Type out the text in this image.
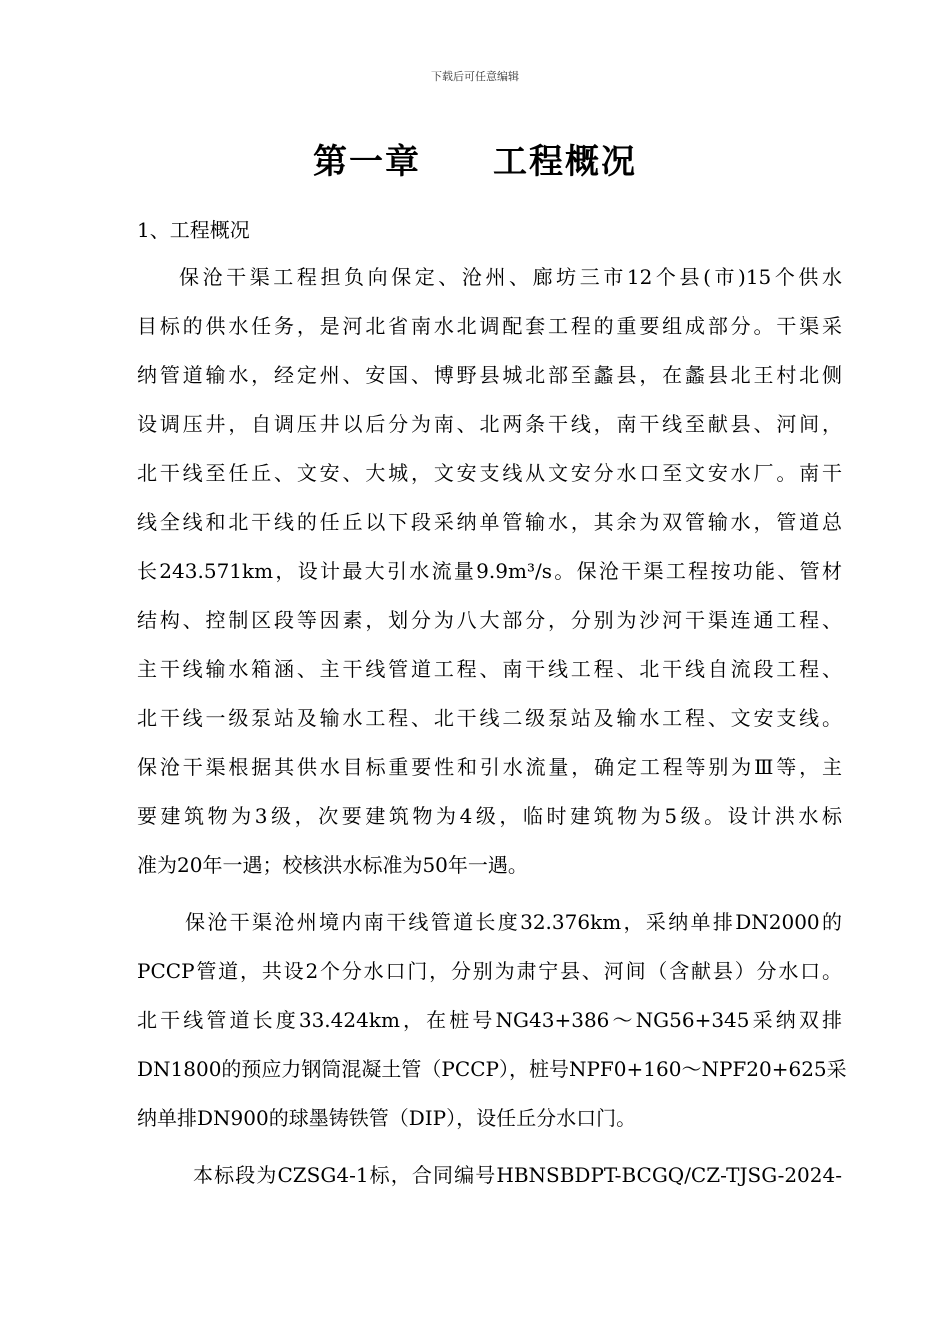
下载后可任意编辑
第一章　　工程概况
1、工程概况
保沧干渠工程担负向保定、沧州、廊坊三市12个县(市)15个供水
目标的供水任务，是河北省南水北调配套工程的重要组成部分。干渠采
纳管道输水，经定州、安国、博野县城北部至蠡县，在蠡县北王村北侧
设调压井，自调压井以后分为南、北两条干线，南干线至献县、河间，
北干线至任丘、文安、大城，文安支线从文安分水口至文安水厂。南干
线全线和北干线的任丘以下段采纳单管输水，其余为双管输水，管道总
长243.571km，设计最大引水流量9.9m³/s。保沧干渠工程按功能、管材
结构、控制区段等因素，划分为八大部分，分别为沙河干渠连通工程、
主干线输水箱涵、主干线管道工程、南干线工程、北干线自流段工程、
北干线一级泵站及输水工程、北干线二级泵站及输水工程、文安支线。
保沧干渠根据其供水目标重要性和引水流量，确定工程等别为Ⅲ等，主
要建筑物为3级，次要建筑物为4级，临时建筑物为5级。设计洪水标
准为20年一遇；校核洪水标准为50年一遇。
保沧干渠沧州境内南干线管道长度32.376km，采纳单排DN2000的
PCCP管道，共设2个分水口门，分别为肃宁县、河间（含献县）分水口。
北干线管道长度33.424km，在桩号NG43+386～NG56+345采纳双排
DN1800的预应力钢筒混凝土管（PCCP），桩号NPF0+160～NPF20+625采
纳单排DN900的球墨铸铁管（DIP），设任丘分水口门。
本标段为CZSG4-1标，合同编号HBNSBDPT-BCGQ/CZ-TJSG-2024-
